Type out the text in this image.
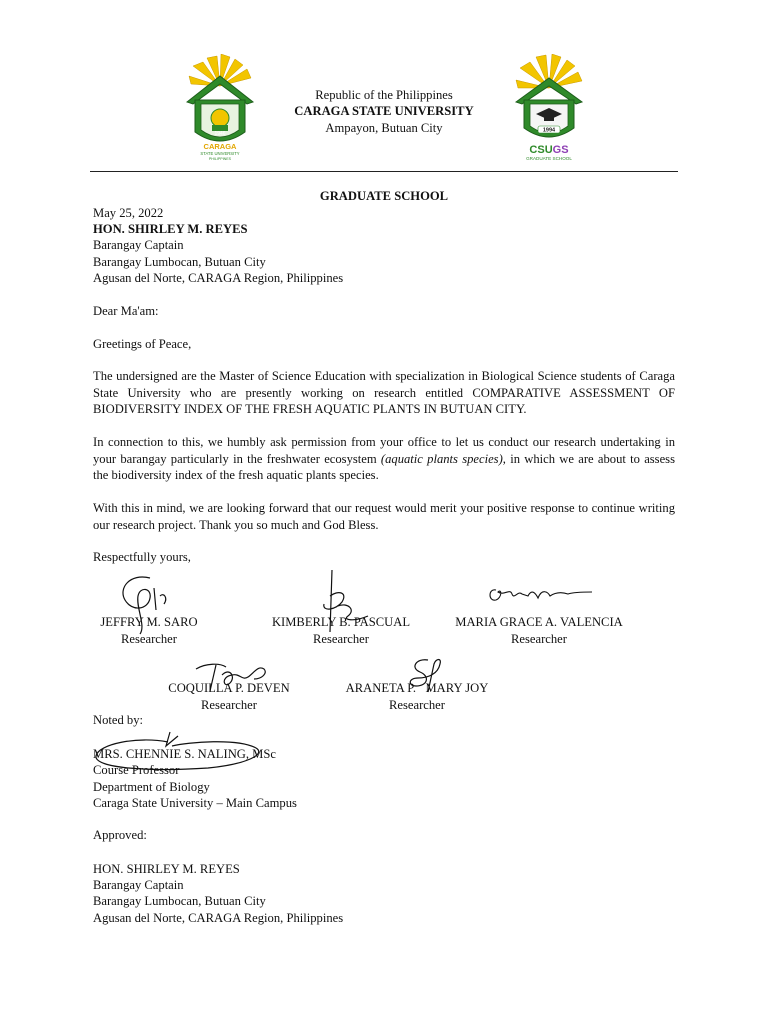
1946
CARAGA
STATE UNIVERSITY
PHILIPPINES
1994
CSUGS
GRADUATE SCHOOL

Republic of the Philippines

CARAGA STATE UNIVERSITY

Ampayon, Butuan City

GRADUATE SCHOOL

May 25, 2022

HON. SHIRLEY M. REYES

Barangay Captain

Barangay Lumbocan, Butuan City

Agusan del Norte, CARAGA Region, Philippines

Dear Ma'am:

Greetings of Peace,

The undersigned are the Master of Science Education with specialization in Biological Science students of Caraga State University who are presently working on research entitled COMPARATIVE ASSESSMENT OF BIODIVERSITY INDEX OF THE FRESH AQUATIC PLANTS IN BUTUAN CITY.

In connection to this, we humbly ask permission from your office to let us conduct our research undertaking in your barangay particularly in the freshwater ecosystem (aquatic plants species), in which we are about to assess the biodiversity index of the fresh aquatic plants species.

With this in mind, we are looking forward that our request would merit your positive response to continue writing our research project. Thank you so much and God Bless.

Respectfully yours,

JEFFRY M. SARO
Researcher
KIMBERLY B. PASCUAL
Researcher
MARIA GRACE A. VALENCIA
Researcher
COQUILLA P. DEVEN
Researcher
ARANETA P.   MARY JOY
Researcher

Noted by:

MRS. CHENNIE S. NALING, MSc

Course Professor

Department of Biology

Caraga State University – Main Campus

Approved:

HON. SHIRLEY M. REYES

Barangay Captain

Barangay Lumbocan, Butuan City

Agusan del Norte, CARAGA Region, Philippines
